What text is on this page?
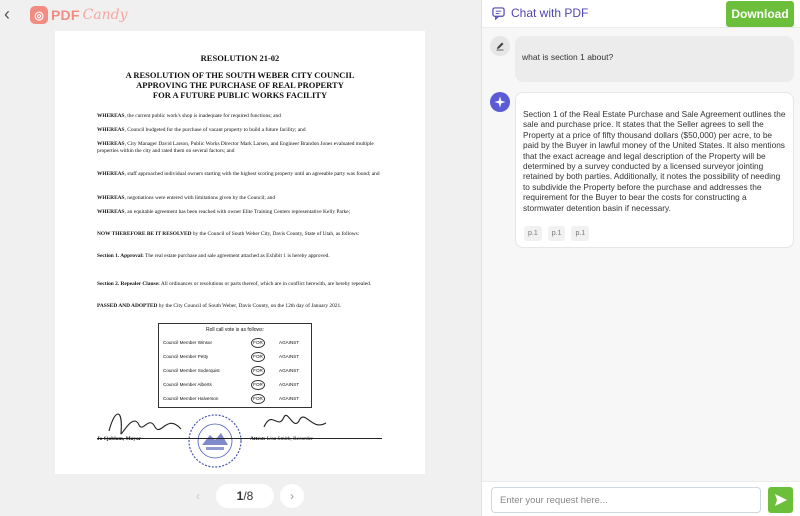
‹	◎ PDF Candy
RESOLUTION 21-02
A RESOLUTION OF THE SOUTH WEBER CITY COUNCIL
APPROVING THE PURCHASE OF REAL PROPERTY
FOR A FUTURE PUBLIC WORKS FACILITY
WHEREAS, the current public work's shop is inadequate for required functions; and
WHEREAS, Council budgeted for the purchase of vacant property to build a future facility; and
WHEREAS, City Manager David Larson, Public Works Director Mark Larsen, and Engineer Brandon Jones evaluated multiple properties within the city and rated them on several factors; and
WHEREAS, staff approached individual owners starting with the highest scoring property until an agreeable party was found; and
WHEREAS, negotiations were entered with limitations given by the Council; and
WHEREAS, an equitable agreement has been reached with owner Elite Training Centers representative Kelly Parke;
NOW THEREFORE BE IT RESOLVED by the Council of South Weber City, Davis County, State of Utah, as follows:
Section 1. Approval: The real estate purchase and sale agreement attached as Exhibit 1 is hereby approved.
Section 2. Repealer Clause: All ordinances or resolutions or parts thereof, which are in conflict herewith, are hereby repealed.
PASSED AND ADOPTED by the City Council of South Weber, Davis County, on the 12th day of January 2021.
Roll call vote is as follows:
Council Member Winsor	FOR	AGAINST
Council Member Petty	FOR	AGAINST
Council Member Soderquist	FOR	AGAINST
Council Member Alberts	FOR	AGAINST
Council Member Halverson	FOR	AGAINST
Jo Sjoblom, Mayor	Attest: Lisa Smith, Recorder
‹	1 /8	›
Chat with PDF	Download
what is section 1 about?
Section 1 of the Real Estate Purchase and Sale Agreement outlines the sale and purchase price. It states that the Seller agrees to sell the Property at a price of fifty thousand dollars ($50,000) per acre, to be paid by the Buyer in lawful money of the United States. It also mentions that the exact acreage and legal description of the Property will be determined by a survey conducted by a licensed surveyor jointing retained by both parties. Additionally, it notes the possibility of needing to subdivide the Property before the purchase and addresses the requirement for the Buyer to bear the costs for constructing a stormwater detention basin if necessary.
p.1	p.1	p.1
Enter your request here...
